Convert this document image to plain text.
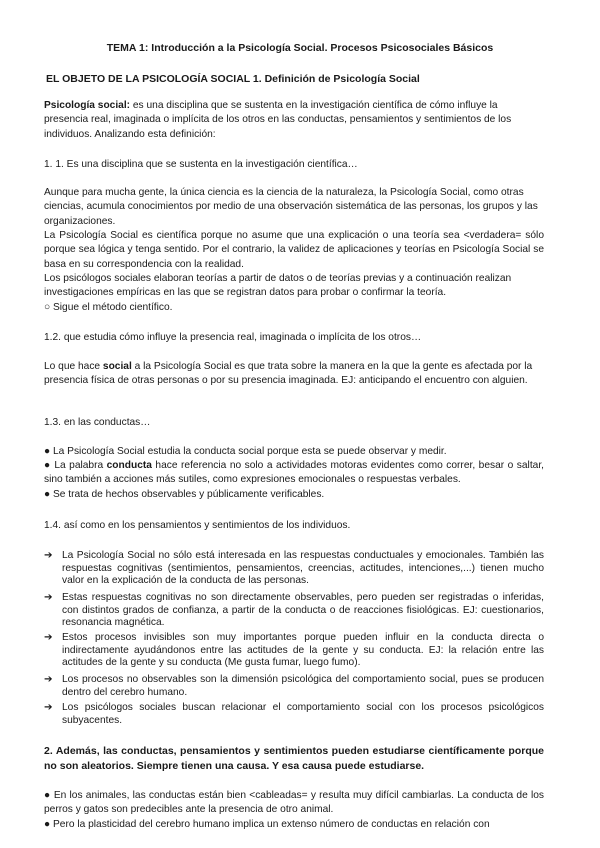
TEMA 1: Introducción a la Psicología Social. Procesos Psicosociales Básicos
EL OBJETO DE LA PSICOLOGÍA SOCIAL 1. Definición de Psicología Social

Psicología social: es una disciplina que se sustenta en la investigación científica de cómo influye la presencia real, imaginada o implícita de los otros en las conductas, pensamientos y sentimientos de los individuos. Analizando esta definición:

1. 1. Es una disciplina que se sustenta en la investigación científica…

Aunque para mucha gente, la única ciencia es la ciencia de la naturaleza, la Psicología Social, como otras ciencias, acumula conocimientos por medio de una observación sistemática de las personas, los grupos y las organizaciones.

La Psicología Social es científica porque no asume que una explicación o una teoría sea <verdadera= sólo porque sea lógica y tenga sentido. Por el contrario, la validez de aplicaciones y teorías en Psicología Social se basa en su correspondencia con la realidad.

Los psicólogos sociales elaboran teorías a partir de datos o de teorías previas y a continuación realizan investigaciones empíricas en las que se registran datos para probar o confirmar la teoría.

○ Sigue el método científico.

1.2. que estudia cómo influye la presencia real, imaginada o implícita de los otros…

Lo que hace social a la Psicología Social es que trata sobre la manera en la que la gente es afectada por la presencia física de otras personas o por su presencia imaginada. EJ: anticipando el encuentro con alguien.

1.3. en las conductas…

● La Psicología Social estudia la conducta social porque esta se puede observar y medir.

● La palabra conducta hace referencia no solo a actividades motoras evidentes como correr, besar o saltar, sino también a acciones más sutiles, como expresiones emocionales o respuestas verbales.

● Se trata de hechos observables y públicamente verificables.

1.4. así como en los pensamientos y sentimientos de los individuos.

➔ La Psicología Social no sólo está interesada en las respuestas conductuales y emocionales. También las respuestas cognitivas (sentimientos, pensamientos, creencias, actitudes, intenciones,...) tienen mucho valor en la explicación de la conducta de las personas.
➔ Estas respuestas cognitivas no son directamente observables, pero pueden ser registradas o inferidas, con distintos grados de confianza, a partir de la conducta o de reacciones fisiológicas. EJ: cuestionarios, resonancia magnética.
➔ Estos procesos invisibles son muy importantes porque pueden influir en la conducta directa o indirectamente ayudándonos entre las actitudes de la gente y su conducta. EJ: la relación entre las actitudes de la gente y su conducta (Me gusta fumar, luego fumo).
➔ Los procesos no observables son la dimensión psicológica del comportamiento social, pues se producen dentro del cerebro humano.
➔ Los psicólogos sociales buscan relacionar el comportamiento social con los procesos psicológicos subyacentes.
2. Además, las conductas, pensamientos y sentimientos pueden estudiarse científicamente porque no son aleatorios. Siempre tienen una causa. Y esa causa puede estudiarse.

● En los animales, las conductas están bien <cableadas= y resulta muy difícil cambiarlas. La conducta de los perros y gatos son predecibles ante la presencia de otro animal.

● Pero la plasticidad del cerebro humano implica un extenso número de conductas en relación con
